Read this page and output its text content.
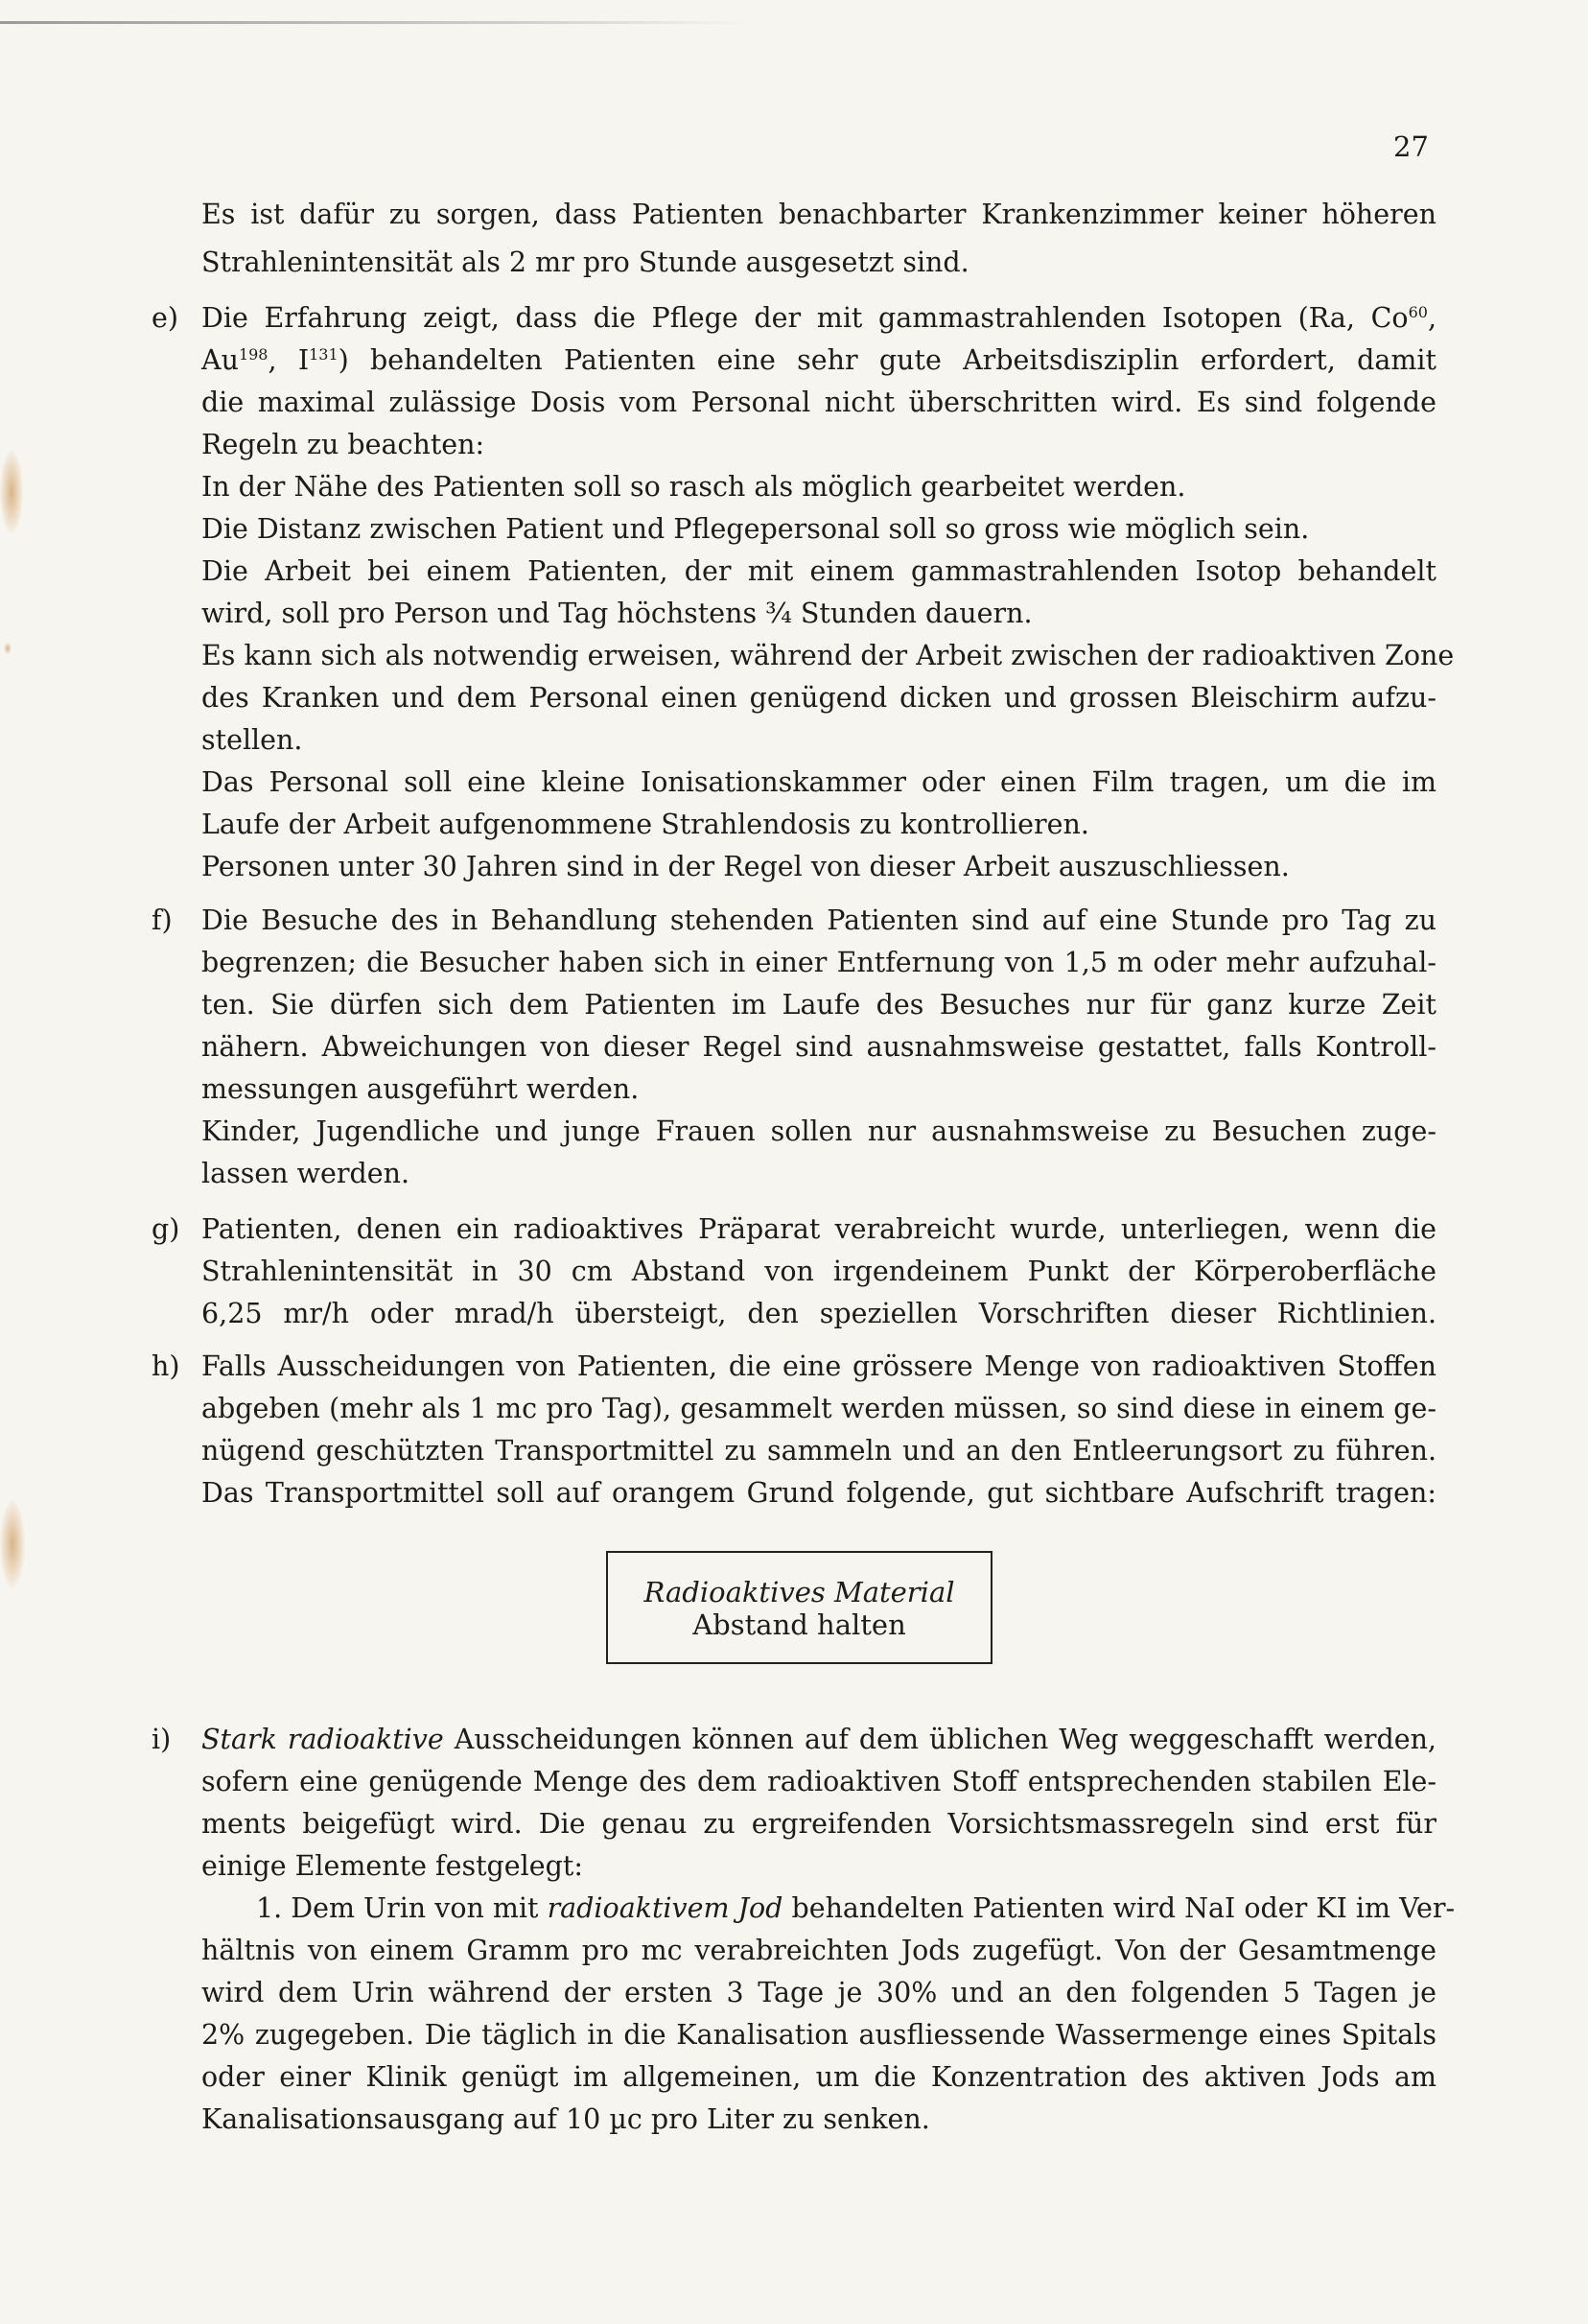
27

Es ist dafür zu sorgen, dass Patienten benachbarter Krankenzimmer keiner höheren

Strahlenintensität als 2 mr pro Stunde ausgesetzt sind.

e) Die Erfahrung zeigt, dass die Pflege der mit gammastrahlenden Isotopen (Ra, Co$^{60}$,

Au$^{198}$, $I^{131}$) behandelten Patienten eine sehr gute Arbeitsdisziplin erfordert, damit

die maximal zulässige Dosis vom Personal nicht überschritten wird. Es sind folgende

Regeln zu beachten:

In der Nähe des Patienten soll so rasch als möglich gearbeitet werden.

Die Distanz zwischen Patient und Pflegepersonal soll so gross wie möglich sein.

Die Arbeit bei einem Patienten, der mit einem gammastrahlenden Isotop behandelt

wird, soll pro Person und Tag höchstens ¾ Stunden dauern.

Es kann sich als notwendig erweisen, während der Arbeit zwischen der radioaktiven Zone

des Kranken und dem Personal einen genügend dicken und grossen Bleischirm aufzu-

stellen.

Das Personal soll eine kleine Ionisationskammer oder einen Film tragen, um die im

Laufe der Arbeit aufgenommene Strahlendosis zu kontrollieren.

Personen unter 30 Jahren sind in der Regel von dieser Arbeit auszuschliessen.

f) Die Besuche des in Behandlung stehenden Patienten sind auf eine Stunde pro Tag zu

begrenzen; die Besucher haben sich in einer Entfernung von 1,5 m oder mehr aufzuhal-

ten. Sie dürfen sich dem Patienten im Laufe des Besuches nur für ganz kurze Zeit

nähern. Abweichungen von dieser Regel sind ausnahmsweise gestattet, falls Kontroll-

messungen ausgeführt werden.

Kinder, Jugendliche und junge Frauen sollen nur ausnahmsweise zu Besuchen zuge-

lassen werden.

g) Patienten, denen ein radioaktives Präparat verabreicht wurde, unterliegen, wenn die

Strahlenintensität in 30 cm Abstand von irgendeinem Punkt der Körperoberfläche

6,25 mr/h oder mrad/h übersteigt, den speziellen Vorschriften dieser Richtlinien.

h) Falls Ausscheidungen von Patienten, die eine grössere Menge von radioaktiven Stoffen

abgeben (mehr als 1 mc pro Tag), gesammelt werden müssen, so sind diese in einem ge-

nügend geschützten Transportmittel zu sammeln und an den Entleerungsort zu führen.

Das Transportmittel soll auf orangem Grund folgende, gut sichtbare Aufschrift tragen:

Radioaktives Material
Abstand halten
i) Stark radioaktive Ausscheidungen können auf dem üblichen Weg weggeschafft werden,

sofern eine genügende Menge des dem radioaktiven Stoff entsprechenden stabilen Ele-

ments beigefügt wird. Die genau zu ergreifenden Vorsichtsmassregeln sind erst für

einige Elemente festgelegt:

1. Dem Urin von mit radioaktivem Jod behandelten Patienten wird NaI oder KI im Ver-

hältnis von einem Gramm pro mc verabreichten Jods zugefügt. Von der Gesamtmenge

wird dem Urin während der ersten 3 Tage je 30% und an den folgenden 5 Tagen je

2% zugegeben. Die täglich in die Kanalisation ausfliessende Wassermenge eines Spitals

oder einer Klinik genügt im allgemeinen, um die Konzentration des aktiven Jods am

Kanalisationsausgang auf 10 µc pro Liter zu senken.
